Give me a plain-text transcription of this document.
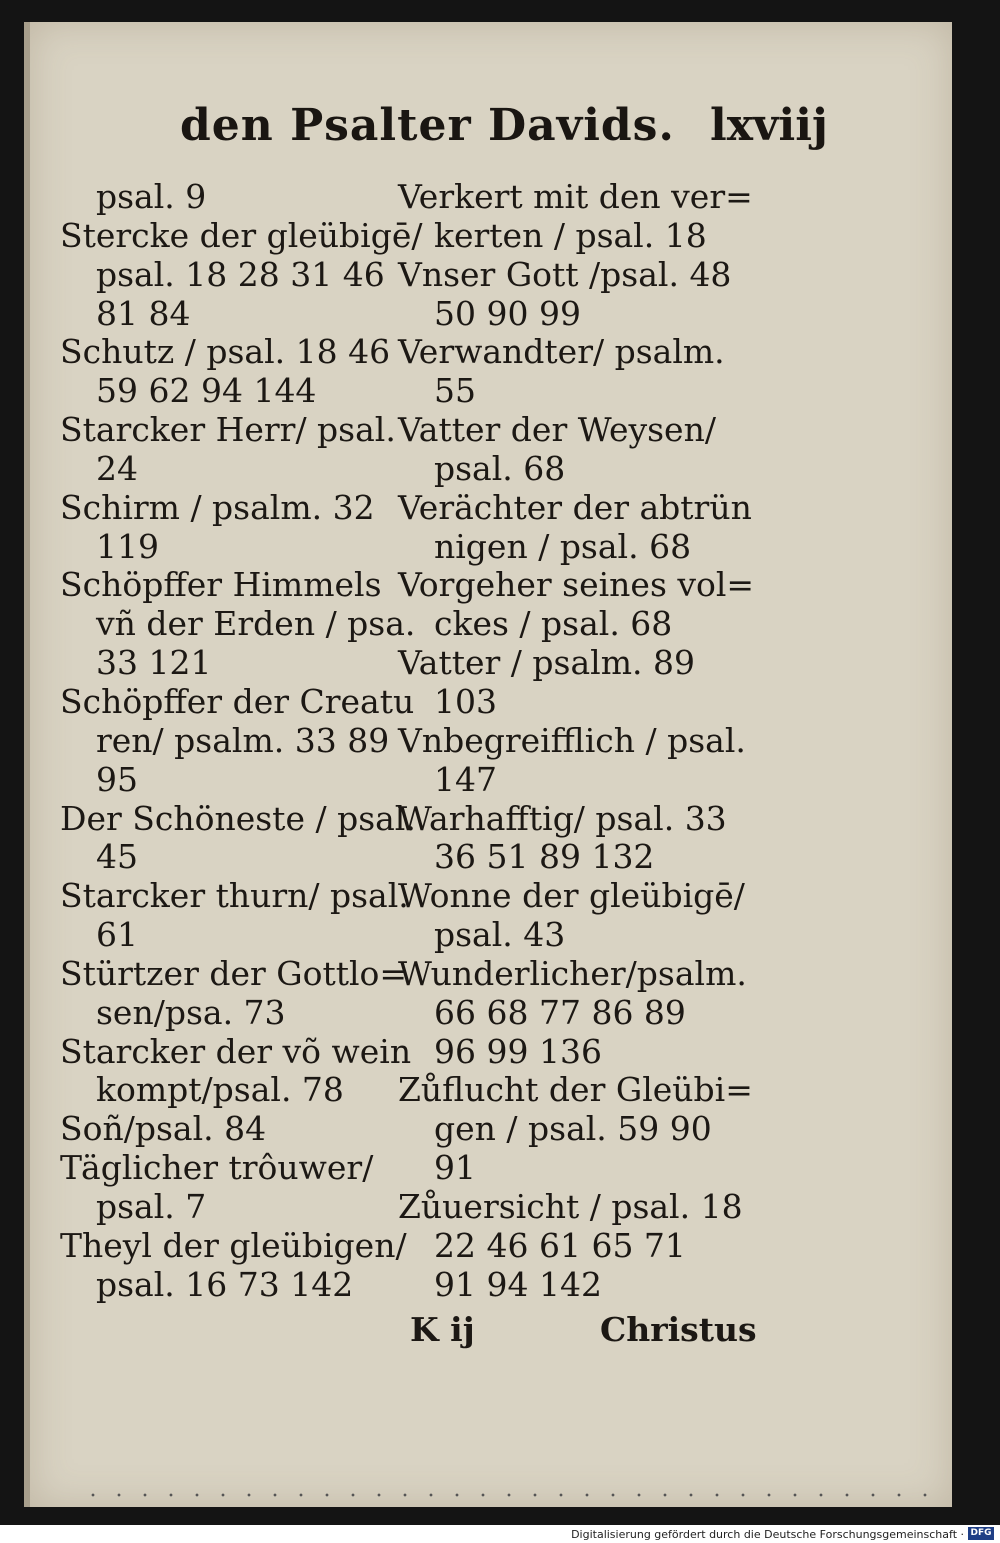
den Psalter Davids. lxviij
psal. 9
Stercke der gleübigē/
psal. 18 28 31 46
81 84
Schutz / psal. 18 46
59 62 94 144
Starcker Herr/ psal.
24
Schirm / psalm. 32
119
Schöpffer Himmels
vñ der Erden / psa.
33 121
Schöpffer der Creatu
ren/ psalm. 33 89
95
Der Schöneste / psal.
45
Starcker thurn/ psal.
61
Stürtzer der Gottlo=
sen/psa. 73
Starcker der võ wein
kompt/psal. 78
Soñ/psal. 84
Täglicher trôuwer/
psal. 7
Theyl der gleübigen/
psal. 16 73 142
Verkert mit den ver=
kerten / psal. 18
Vnser Gott /psal. 48
50 90 99
Verwandter/ psalm.
55
Vatter der Weysen/
psal. 68
Verächter der abtrün
nigen / psal. 68
Vorgeher seines vol=
ckes / psal. 68
Vatter / psalm. 89
103
Vnbegreifflich / psal.
147
Warhafftig/ psal. 33
36 51 89 132
Wonne der gleübigē/
psal. 43
Wunderlicher/psalm.
66 68 77 86 89
96 99 136
Zůflucht der Gleübi=
gen / psal. 59 90
91
Zůuersicht / psal. 18
22 46 61 65 71
91 94 142
K ij	Christus
Digitalisierung gefördert durch die Deutsche Forschungsgemeinschaft · DFG
